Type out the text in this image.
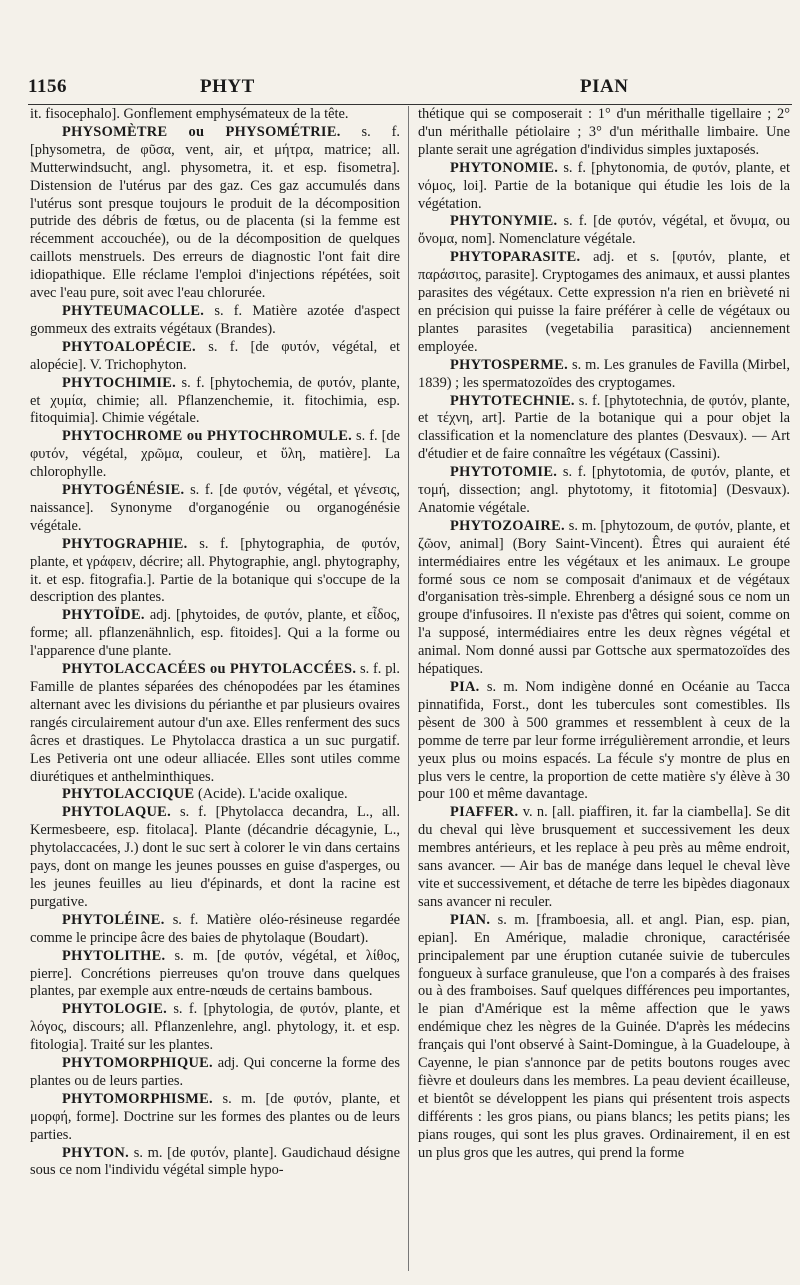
1156	PHYT	PIAN

it. fisocephalo]. Gonflement emphysémateux de la tête.

PHYSOMÈTRE ou PHYSOMÉTRIE. s. f. [physometra, de φῦσα, vent, air, et μήτρα, matrice; all. Mutterwindsucht, angl. physometra, it. et esp. fisometra]. Distension de l'utérus par des gaz. Ces gaz accumulés dans l'utérus sont presque toujours le produit de la décomposition putride des débris de fœtus, ou de placenta (si la femme est récemment accouchée), ou de la décomposition de quelques caillots menstruels. Des erreurs de diagnostic l'ont fait dire idiopathique. Elle réclame l'emploi d'injections répétées, soit avec l'eau pure, soit avec l'eau chlorurée.

PHYTEUMACOLLE. s. f. Matière azotée d'aspect gommeux des extraits végétaux (Brandes).

PHYTOALOPÉCIE. s. f. [de φυτόν, végétal, et alopécie]. V. Trichophyton.

PHYTOCHIMIE. s. f. [phytochemia, de φυτόν, plante, et χυμία, chimie; all. Pflanzenchemie, it. fitochimia, esp. fitoquimia]. Chimie végétale.

PHYTOCHROME ou PHYTOCHROMULE. s. f. [de φυτόν, végétal, χρῶμα, couleur, et ὕλη, matière]. La chlorophylle.

PHYTOGÉNÉSIE. s. f. [de φυτόν, végétal, et γένεσις, naissance]. Synonyme d'organogénie ou organogénésie végétale.

PHYTOGRAPHIE. s. f. [phytographia, de φυτόν, plante, et γράφειν, décrire; all. Phytographie, angl. phytography, it. et esp. fitografia.]. Partie de la botanique qui s'occupe de la description des plantes.

PHYTOÏDE. adj. [phytoides, de φυτόν, plante, et εἶδος, forme; all. pflanzenähnlich, esp. fitoides]. Qui a la forme ou l'apparence d'une plante.

PHYTOLACCACÉES ou PHYTOLACCÉES. s. f. pl. Famille de plantes séparées des chénopodées par les étamines alternant avec les divisions du périanthe et par plusieurs ovaires rangés circulairement autour d'un axe. Elles renferment des sucs âcres et drastiques. Le Phytolacca drastica a un suc purgatif. Les Petiveria ont une odeur alliacée. Elles sont utiles comme diurétiques et anthelminthiques.

PHYTOLACCIQUE (Acide). L'acide oxalique.

PHYTOLAQUE. s. f. [Phytolacca decandra, L., all. Kermesbeere, esp. fitolaca]. Plante (décandrie décagynie, L., phytolaccacées, J.) dont le suc sert à colorer le vin dans certains pays, dont on mange les jeunes pousses en guise d'asperges, ou les jeunes feuilles au lieu d'épinards, et dont la racine est purgative.

PHYTOLÉINE. s. f. Matière oléo-résineuse regardée comme le principe âcre des baies de phytolaque (Boudart).

PHYTOLITHE. s. m. [de φυτόν, végétal, et λίθος, pierre]. Concrétions pierreuses qu'on trouve dans quelques plantes, par exemple aux entre-nœuds de certains bambous.

PHYTOLOGIE. s. f. [phytologia, de φυτόν, plante, et λόγος, discours; all. Pflanzenlehre, angl. phytology, it. et esp. fitologia]. Traité sur les plantes.

PHYTOMORPHIQUE. adj. Qui concerne la forme des plantes ou de leurs parties.

PHYTOMORPHISME. s. m. [de φυτόν, plante, et μορφή, forme]. Doctrine sur les formes des plantes ou de leurs parties.

PHYTON. s. m. [de φυτόν, plante]. Gaudichaud désigne sous ce nom l'individu végétal simple hypo-

thétique qui se composerait : 1° d'un mérithalle tigellaire ; 2° d'un mérithalle pétiolaire ; 3° d'un mérithalle limbaire. Une plante serait une agrégation d'individus simples juxtaposés.

PHYTONOMIE. s. f. [phytonomia, de φυτόν, plante, et νόμος, loi]. Partie de la botanique qui étudie les lois de la végétation.

PHYTONYMIE. s. f. [de φυτόν, végétal, et ὄνυμα, ou ὄνομα, nom]. Nomenclature végétale.

PHYTOPARASITE. adj. et s. [φυτόν, plante, et παράσιτος, parasite]. Cryptogames des animaux, et aussi plantes parasites des végétaux. Cette expression n'a rien en brièveté ni en précision qui puisse la faire préférer à celle de végétaux ou plantes parasites (vegetabilia parasitica) anciennement employée.

PHYTOSPERME. s. m. Les granules de Favilla (Mirbel, 1839) ; les spermatozoïdes des cryptogames.

PHYTOTECHNIE. s. f. [phytotechnia, de φυτόν, plante, et τέχνη, art]. Partie de la botanique qui a pour objet la classification et la nomenclature des plantes (Desvaux). — Art d'étudier et de faire connaître les végétaux (Cassini).

PHYTOTOMIE. s. f. [phytotomia, de φυτόν, plante, et τομή, dissection; angl. phytotomy, it fitotomia] (Desvaux). Anatomie végétale.

PHYTOZOAIRE. s. m. [phytozoum, de φυτόν, plante, et ζῶον, animal] (Bory Saint-Vincent). Êtres qui auraient été intermédiaires entre les végétaux et les animaux. Le groupe formé sous ce nom se composait d'animaux et de végétaux d'organisation très-simple. Ehrenberg a désigné sous ce nom un groupe d'infusoires. Il n'existe pas d'êtres qui soient, comme on l'a supposé, intermédiaires entre les deux règnes végétal et animal. Nom donné aussi par Gottsche aux spermatozoïdes des hépatiques.

PIA. s. m. Nom indigène donné en Océanie au Tacca pinnatifida, Forst., dont les tubercules sont comestibles. Ils pèsent de 300 à 500 grammes et ressemblent à ceux de la pomme de terre par leur forme irrégulièrement arrondie, et leurs yeux plus ou moins espacés. La fécule s'y montre de plus en plus vers le centre, la proportion de cette matière s'y élève à 30 pour 100 et même davantage.

PIAFFER. v. n. [all. piaffiren, it. far la ciambella]. Se dit du cheval qui lève brusquement et successivement les deux membres antérieurs, et les replace à peu près au même endroit, sans avancer. — Air bas de manége dans lequel le cheval lève vite et successivement, et détache de terre les bipèdes diagonaux sans avancer ni reculer.

PIAN. s. m. [framboesia, all. et angl. Pian, esp. pian, epian]. En Amérique, maladie chronique, caractérisée principalement par une éruption cutanée suivie de tubercules fongueux à surface granuleuse, que l'on a comparés à des fraises ou à des framboises. Sauf quelques différences peu importantes, le pian d'Amérique est la même affection que le yaws endémique chez les nègres de la Guinée. D'après les médecins français qui l'ont observé à Saint-Domingue, à la Guadeloupe, à Cayenne, le pian s'annonce par de petits boutons rouges avec fièvre et douleurs dans les membres. La peau devient écailleuse, et bientôt se développent les pians qui présentent trois aspects différents : les gros pians, ou pians blancs; les petits pians; les pians rouges, qui sont les plus graves. Ordinairement, il en est un plus gros que les autres, qui prend la forme
